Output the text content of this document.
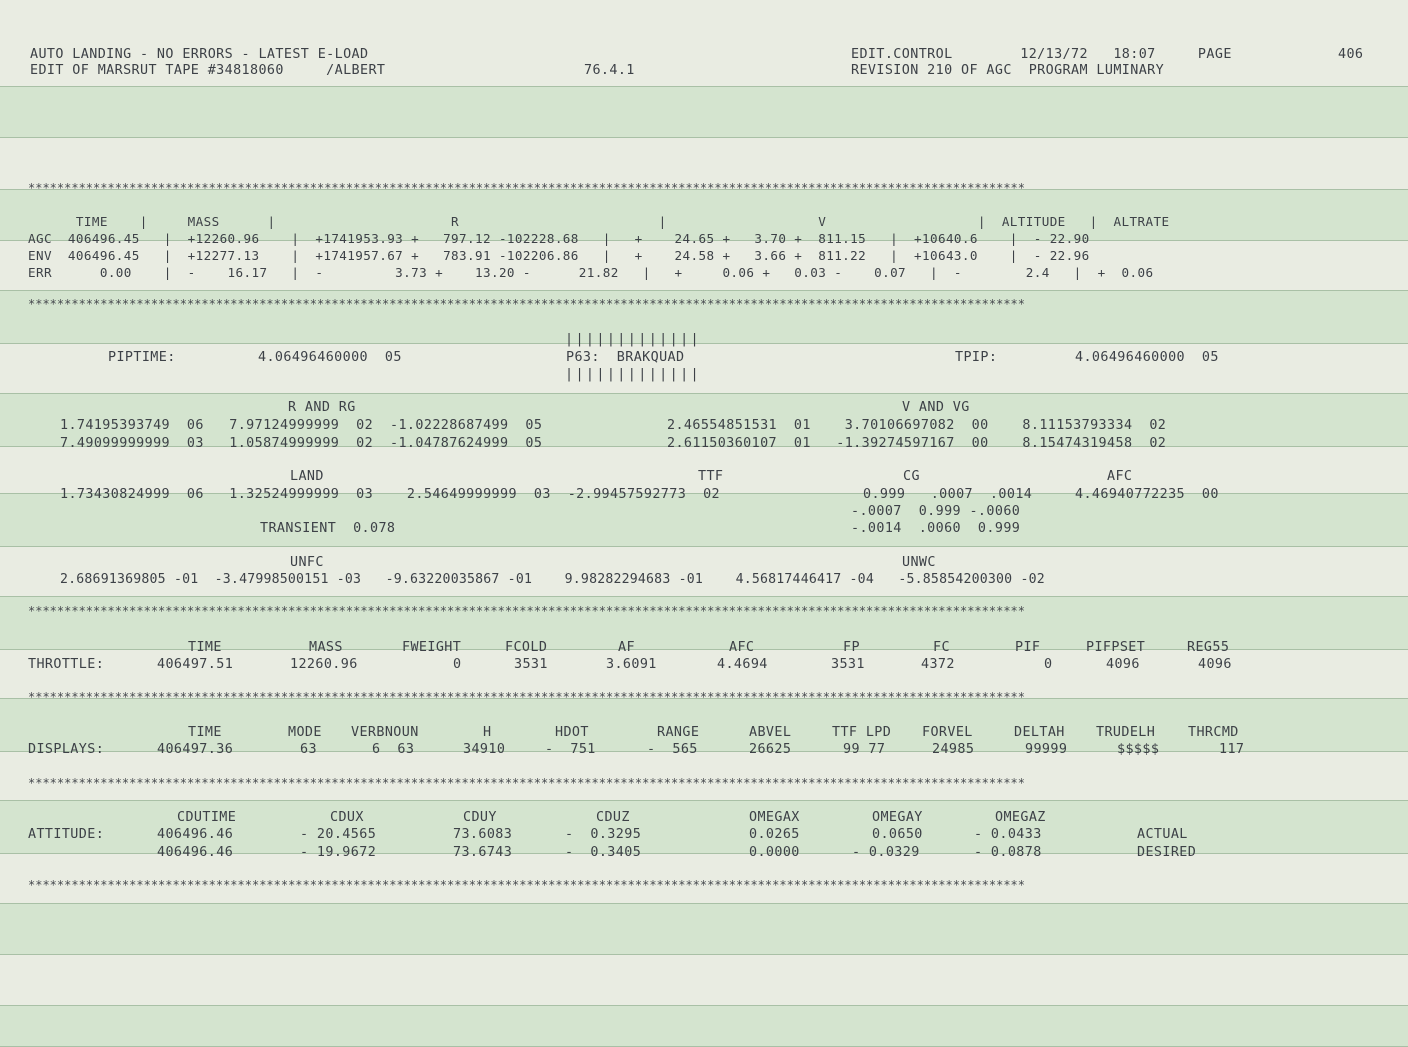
AUTO LANDING - NO ERRORS - LATEST E-LOAD
EDIT OF MARSRUT TAPE #34818060     /ALBERT	76.4.1
EDIT.CONTROL        12/13/72   18:07     PAGE
REVISION 210 OF AGC  PROGRAM LUMINARY
406
******************************************************************************************************************************************
******************************************************************************************************************************************
******************************************************************************************************************************************
******************************************************************************************************************************************
******************************************************************************************************************************************
******************************************************************************************************************************************
TIME    |     MASS      |                      R                         |                   V                   |  ALTITUDE   |  ALTRATE
AGC  406496.45   |  +12260.96    |  +1741953.93 +   797.12 -102228.68   |   +    24.65 +   3.70 +  811.15   |  +10640.6    |  - 22.90
ENV  406496.45   |  +12277.13    |  +1741957.67 +   783.91 -102206.86   |   +    24.58 +   3.66 +  811.22   |  +10643.0    |  - 22.96
ERR      0.00    |  -    16.17   |  -         3.73 +    13.20 -      21.82   |   +     0.06 +   0.03 -    0.07   |  -        2.4   |  +  0.06
|||||||||||||
PIPTIME:	4.06496460000  05	P63:  BRAKQUAD	TPIP:	4.06496460000  05
|||||||||||||
R AND RG	V AND VG
1.74195393749  06   7.97124999999  02  -1.02228687499  05	2.46554851531  01    3.70106697082  00    8.11153793334  02
7.49099999999  03   1.05874999999  02  -1.04787624999  05	2.61150360107  01   -1.39274597167  00    8.15474319458  02
LAND	TTF	CG	AFC
1.73430824999  06   1.32524999999  03    2.54649999999  03  -2.99457592773  02	0.999   .0007  .0014	4.46940772235  00
-.0007  0.999 -.0060
TRANSIENT  0.078	-.0014  .0060  0.999
UNFC	UNWC
2.68691369805 -01  -3.47998500151 -03   -9.63220035867 -01    9.98282294683 -01    4.56817446417 -04   -5.85854200300 -02
TIME	MASS	FWEIGHT	FCOLD	AF	AFC	FP	FC	PIF	PIFPSET	REG55
THROTTLE:	406497.51	12260.96	0	3531	3.6091	4.4694	3531	4372	0	4096	4096
TIME	MODE VERBNOUN	H	HDOT	RANGE	ABVEL	TTF LPD FORVEL	DELTAH TRUDELH THRCMD
DISPLAYS:	406497.36	63	6  63	34910	-  751	-  565	26625	99 77	24985	99999	$$$$$	117
CDUTIME	CDUX	CDUY	CDUZ	OMEGAX	OMEGAY	OMEGAZ
ATTITUDE:	406496.46	- 20.4565	73.6083	-  0.3295	0.0265	0.0650	- 0.0433	ACTUAL
406496.46	- 19.9672	73.6743	-  0.3405	0.0000	- 0.0329	- 0.0878	DESIRED
